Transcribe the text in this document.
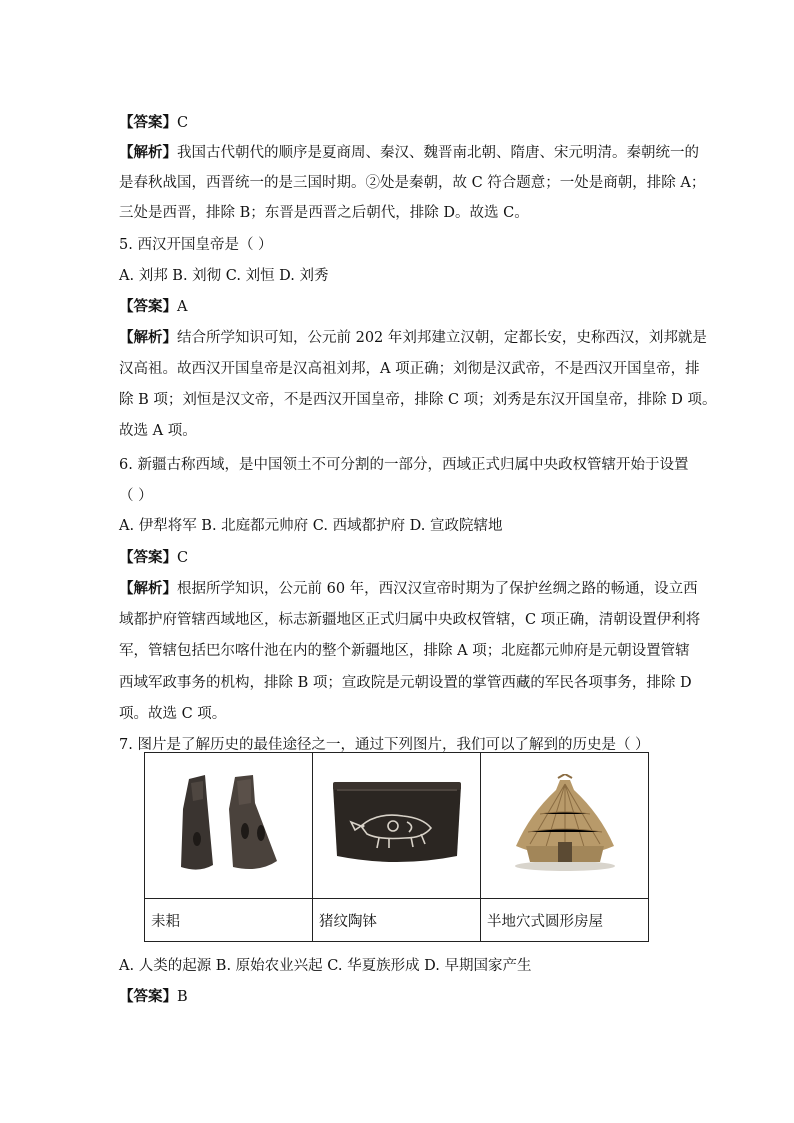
【答案】C
【解析】我国古代朝代的顺序是夏商周、秦汉、魏晋南北朝、隋唐、宋元明清。秦朝统一的
是春秋战国，西晋统一的是三国时期。②处是秦朝，故 C 符合题意；一处是商朝，排除 A；
三处是西晋，排除 B；东晋是西晋之后朝代，排除 D。故选 C。
5. 西汉开国皇帝是（ ）
A. 刘邦 B. 刘彻 C. 刘恒 D. 刘秀
【答案】A
【解析】结合所学知识可知，公元前 202 年刘邦建立汉朝，定都长安，史称西汉，刘邦就是
汉高祖。故西汉开国皇帝是汉高祖刘邦，A 项正确；刘彻是汉武帝，不是西汉开国皇帝，排
除 B 项；刘恒是汉文帝，不是西汉开国皇帝，排除 C 项；刘秀是东汉开国皇帝，排除 D 项。
故选 A 项。
6. 新疆古称西域，是中国领土不可分割的一部分，西域正式归属中央政权管辖开始于设置
（ ）
A. 伊犁将军 B. 北庭都元帅府 C. 西域都护府 D. 宣政院辖地
【答案】C
【解析】根据所学知识，公元前 60 年，西汉汉宣帝时期为了保护丝绸之路的畅通，设立西
域都护府管辖西域地区，标志新疆地区正式归属中央政权管辖，C 项正确，清朝设置伊利将
军，管辖包括巴尔喀什池在内的整个新疆地区，排除 A 项；北庭都元帅府是元朝设置管辖
西域军政事务的机构，排除 B 项；宣政院是元朝设置的掌管西藏的军民各项事务，排除 D
项。故选 C 项。
7. 图片是了解历史的最佳途径之一，通过下列图片，我们可以了解到的历史是（ ）

耒耜	猪纹陶钵	半地穴式圆形房屋
A. 人类的起源 B. 原始农业兴起 C. 华夏族形成 D. 早期国家产生
【答案】B
